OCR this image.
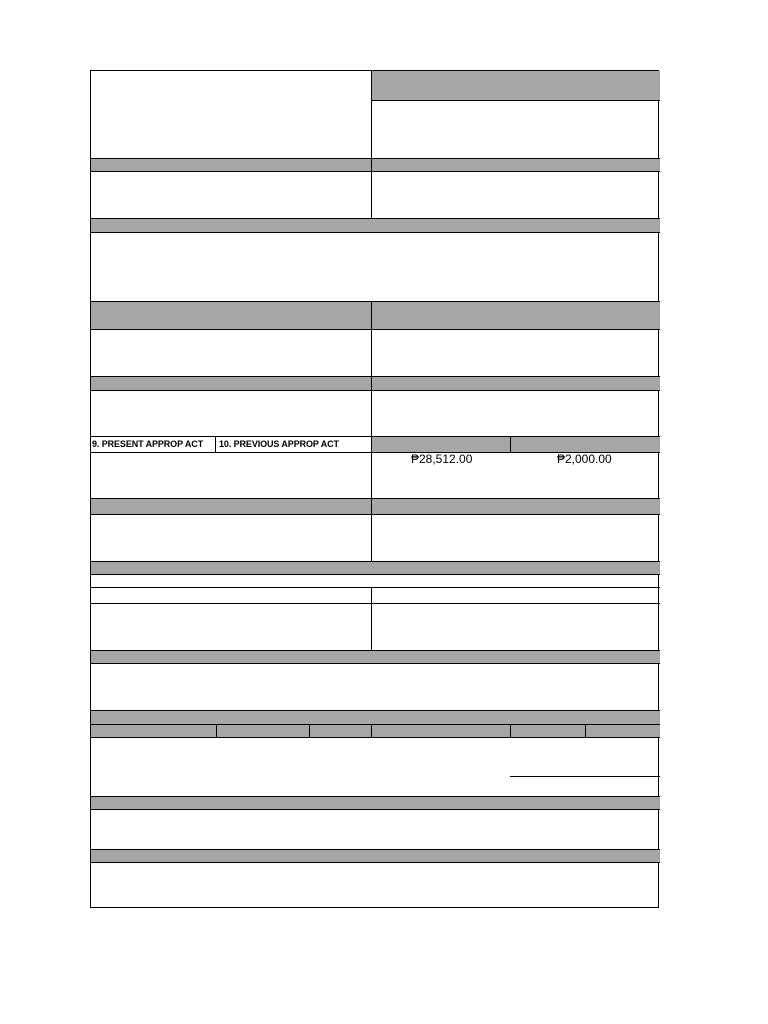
9. PRESENT APPROP ACT 10. PREVIOUS APPROP ACT
₱28,512.00	₱2,000.00
